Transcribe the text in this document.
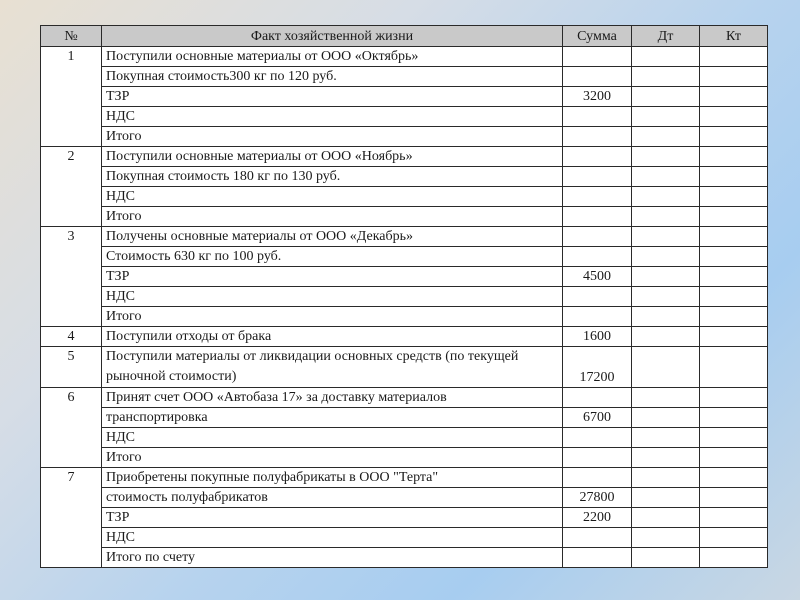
№	Факт хозяйственной жизни	Сумма	Дт	Кт
1	Поступили основные материалы от ООО «Октябрь»			
	Покупная стоимость300 кг по 120 руб.			
	ТЗР	3200		
	НДС			
	Итого			
2	Поступили основные материалы от ООО «Ноябрь»			
	Покупная стоимость 180 кг по 130 руб.			
	НДС			
	Итого			
3	Получены основные материалы от ООО «Декабрь»			
	Стоимость 630 кг по 100 руб.			
	ТЗР	4500		
	НДС			
	Итого			
4	Поступили отходы от брака	1600		
5	Поступили материалы от ликвидации основных средств (по текущей рыночной стоимости)	17200		
6	Принят счет ООО «Автобаза 17» за доставку материалов			
	транспортировка	6700		
	НДС			
	Итого			
7	Приобретены покупные полуфабрикаты в ООО "Терта"			
	стоимость полуфабрикатов	27800		
	ТЗР	2200		
	НДС			
	Итого по счету			
